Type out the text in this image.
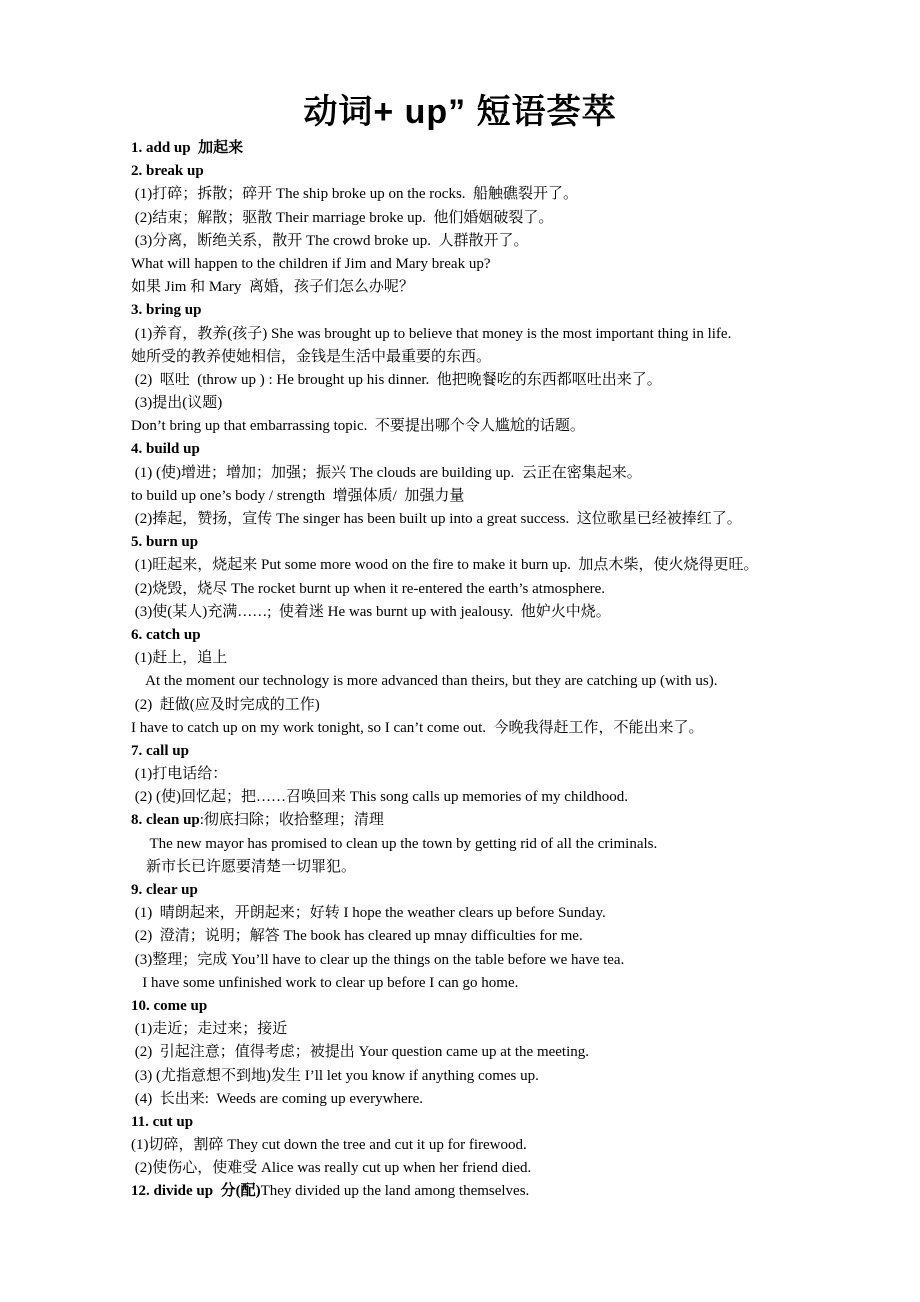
动词+ up” 短语荟萃
1. add up  加起来
2. break up
(1)打碎；拆散；碎开 The ship broke up on the rocks.  船触礁裂开了。
(2)结束；解散；驱散 Their marriage broke up.  他们婚姻破裂了。
(3)分离，断绝关系，散开 The crowd broke up.  人群散开了。
What will happen to the children if Jim and Mary break up?
如果 Jim 和 Mary  离婚，孩子们怎么办呢？
3. bring up
(1)养育，教养(孩子) She was brought up to believe that money is the most important thing in life.
她所受的教养使她相信，金钱是生活中最重要的东西。
(2)  呕吐  (throw up ) : He brought up his dinner.  他把晚餐吃的东西都呕吐出来了。
(3)提出(议题)
Don’t bring up that embarrassing topic.  不要提出哪个令人尴尬的话题。
4. build up
(1) (使)增进；增加；加强；振兴 The clouds are building up.  云正在密集起来。
to build up one’s body / strength  增强体质/  加强力量
(2)捧起，赞扬，宣传 The singer has been built up into a great success.  这位歌星已经被捧红了。
5. burn up
(1)旺起来，烧起来 Put some more wood on the fire to make it burn up.  加点木柴，使火烧得更旺。
(2)烧毁，烧尽 The rocket burnt up when it re-entered the earth’s atmosphere.
(3)使(某人)充满……;  使着迷 He was burnt up with jealousy.  他妒火中烧。
6. catch up
(1)赶上，追上
At the moment our technology is more advanced than theirs, but they are catching up (with us).
(2)  赶做(应及时完成的工作)
I have to catch up on my work tonight, so I can’t come out.  今晚我得赶工作，不能出来了。
7. call up
(1)打电话给：
(2) (使)回忆起；把……召唤回来 This song calls up memories of my childhood.
8. clean up:彻底扫除；收拾整理；清理
The new mayor has promised to clean up the town by getting rid of all the criminals.
新市长已许愿要清楚一切罪犯。
9. clear up
(1)  晴朗起来，开朗起来；好转 I hope the weather clears up before Sunday.
(2)  澄清；说明；解答 The book has cleared up mnay difficulties for me.
(3)整理；完成 You’ll have to clear up the things on the table before we have tea.
I have some unfinished work to clear up before I can go home.
10. come up
(1)走近；走过来；接近
(2)  引起注意；值得考虑；被提出 Your question came up at the meeting.
(3) (尤指意想不到地)发生 I’ll let you know if anything comes up.
(4)  长出来:  Weeds are coming up everywhere.
11. cut up
(1)切碎，割碎 They cut down the tree and cut it up for firewood.
(2)使伤心，使难受 Alice was really cut up when her friend died.
12. divide up  分(配)They divided up the land among themselves.
